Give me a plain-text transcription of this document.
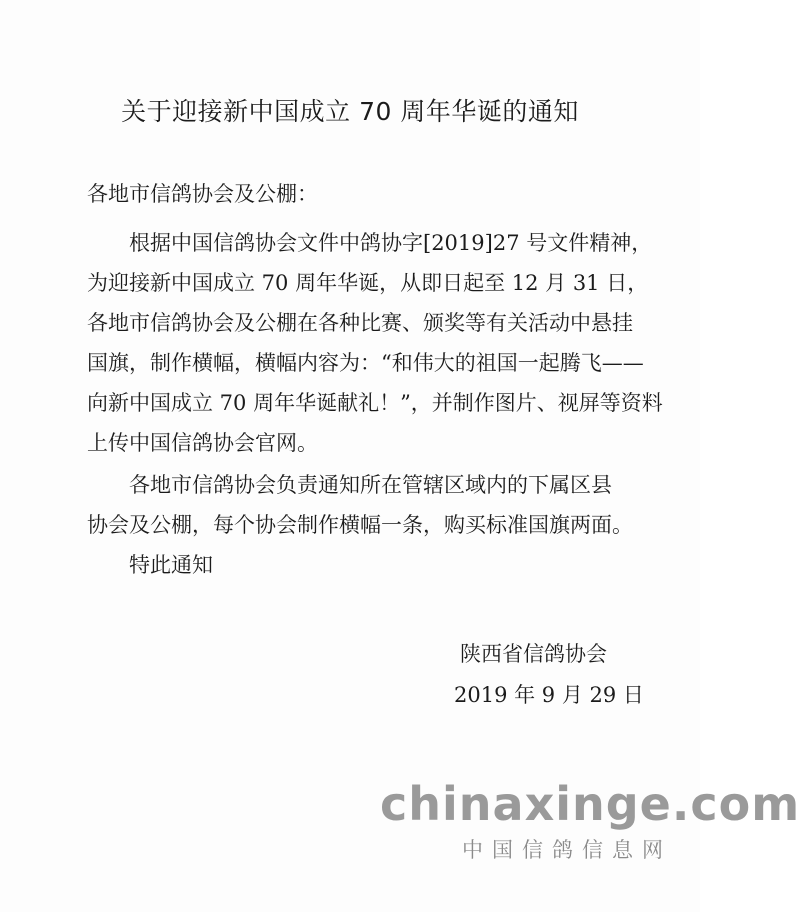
关于迎接新中国成立 70 周年华诞的通知
各地市信鸽协会及公棚：

　　根据中国信鸽协会文件中鸽协字[2019]27 号文件精神，
为迎接新中国成立 70 周年华诞，从即日起至 12 月 31 日，
各地市信鸽协会及公棚在各种比赛、颁奖等有关活动中悬挂
国旗，制作横幅，横幅内容为：“和伟大的祖国一起腾飞——
向新中国成立 70 周年华诞献礼！”，并制作图片、视屏等资料
上传中国信鸽协会官网。

　　各地市信鸽协会负责通知所在管辖区域内的下属区县
协会及公棚，每个协会制作横幅一条，购买标准国旗两面。

特此通知
陕西省信鸽协会
2019 年 9 月 29 日
chinaxinge.com
中国信鸽信息网
